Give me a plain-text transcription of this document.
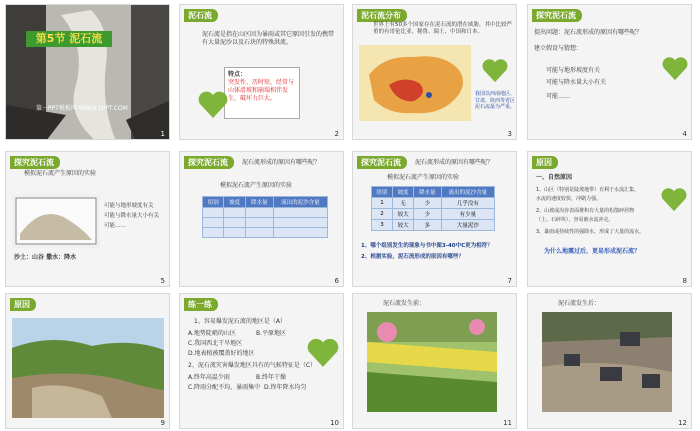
第5节 泥石流
第一PPT模板网 WWW.1PPT.COM
1
泥石流
泥石流是指在山区因为暴雨或其它原因引发的携带有大量泥沙以及石块的特殊洪流。
特点：
突发性、历时短，经常与山体滑坡和崩塌相伴发生，破坏力巨大。
2
泥石流分布
世界上有50多个国家存在泥石流的潜在威胁，其中比较严重的有哥伦比亚、秘鲁、瑞士、中国和日本。
我国以西南地区、甘肃、陕西等省区泥石流最为严重。
3
探究泥石流
提出问题：泥石流形成的原因有哪些呢？
建立假设与猜想：
可能与地形坡度有关
可能与降水量大小有关
可能……
4
探究泥石流
模拟泥石流产生原因的实验
可能与地形坡度有关
可能与降水量大小有关
可能……
沙土：山谷 撒水：降水
5
探究泥石流	泥石流形成的原因有哪些呢？
模拟泥石流产生原因的实验
组别	坡度	降水量	流出的泥沙含量

6
探究泥石流	泥石流形成的原因有哪些呢？
模拟泥石流产生原因的实验
组别	坡度	降水量	流出的泥沙含量
1	无	少	几乎没有
2	较大	少	有少量
3	较大	多	大量泥沙
1、哪个组别发生的现象与书中图3-40中C更为相符？
2、根据实验，泥石流形成的原因有哪些？
7
原因
一、自然原因
1、山区（特别是陡坡地带）有利于水流汇集，
水流的速度较快，冲刷力强。
2、山坡或沟谷表面堆积有大量的松散碎屑物
（土、石碎块），容易被水流冲走。
3、暴雨或持续性的强降水，形成了大量的流水。
为什么地震过后，更易形成泥石流？
8
原因
9
练一练
1、容易爆发泥石流的地区是（A）
A.地势陡峭的山区	B.平原地区
C.我国西北干旱地区
D.地表植被覆盖好的地区
2、泥石流灾害爆发地区具有的气候特征是（C）
A.终年高温少雨	B.终年干燥
C.降雨分配不均，暴雨集中 D.终年降水均匀
10
泥石流发生前：
11
泥石流发生后：
12
